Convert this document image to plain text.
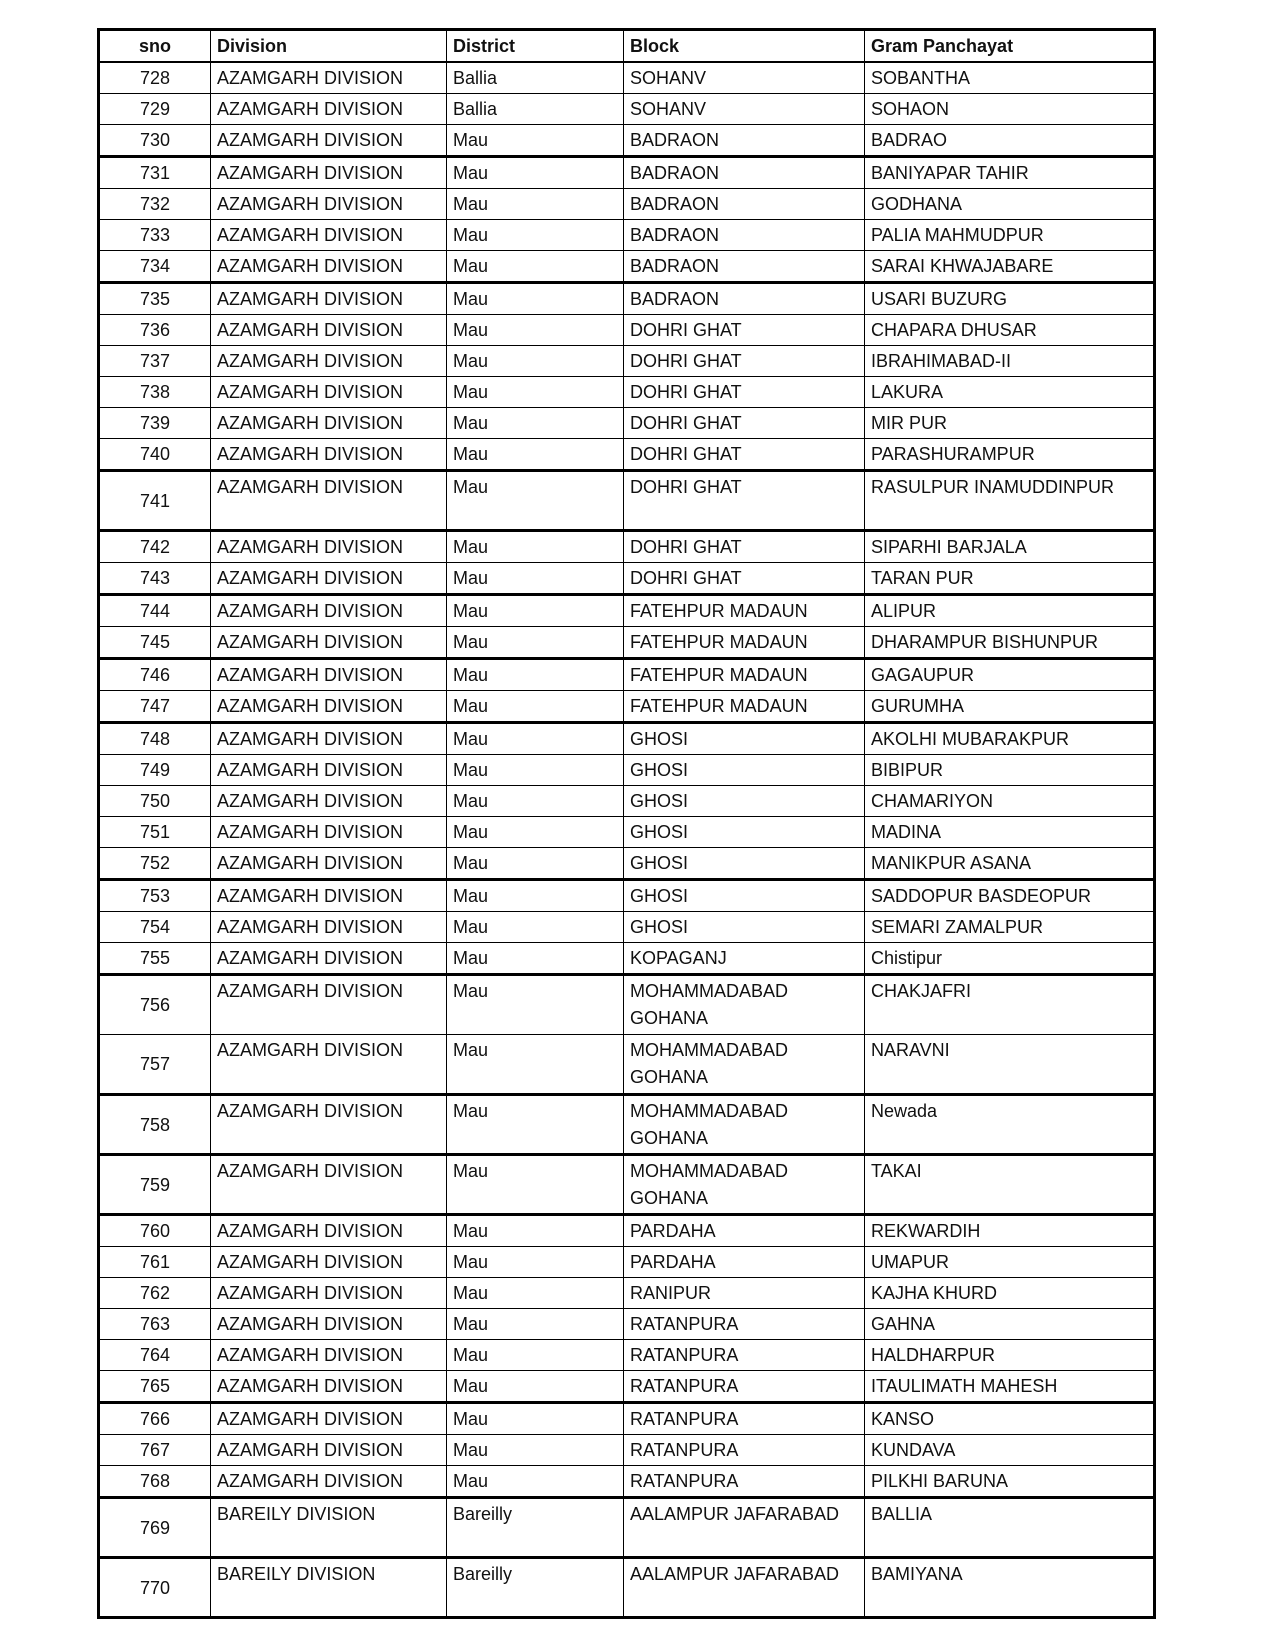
sno	Division	District	Block	Gram Panchayat
728	AZAMGARH DIVISION	Ballia	SOHANV	SOBANTHA
729	AZAMGARH DIVISION	Ballia	SOHANV	SOHAON
730	AZAMGARH DIVISION	Mau	BADRAON	BADRAO
731	AZAMGARH DIVISION	Mau	BADRAON	BANIYAPAR TAHIR
732	AZAMGARH DIVISION	Mau	BADRAON	GODHANA
733	AZAMGARH DIVISION	Mau	BADRAON	PALIA MAHMUDPUR
734	AZAMGARH DIVISION	Mau	BADRAON	SARAI KHWAJABARE
735	AZAMGARH DIVISION	Mau	BADRAON	USARI BUZURG
736	AZAMGARH DIVISION	Mau	DOHRI GHAT	CHAPARA DHUSAR
737	AZAMGARH DIVISION	Mau	DOHRI GHAT	IBRAHIMABAD-II
738	AZAMGARH DIVISION	Mau	DOHRI GHAT	LAKURA
739	AZAMGARH DIVISION	Mau	DOHRI GHAT	MIR PUR
740	AZAMGARH DIVISION	Mau	DOHRI GHAT	PARASHURAMPUR
741	AZAMGARH DIVISION	Mau	DOHRI GHAT	RASULPUR INAMUDDINPUR
742	AZAMGARH DIVISION	Mau	DOHRI GHAT	SIPARHI BARJALA
743	AZAMGARH DIVISION	Mau	DOHRI GHAT	TARAN PUR
744	AZAMGARH DIVISION	Mau	FATEHPUR MADAUN	ALIPUR
745	AZAMGARH DIVISION	Mau	FATEHPUR MADAUN	DHARAMPUR BISHUNPUR
746	AZAMGARH DIVISION	Mau	FATEHPUR MADAUN	GAGAUPUR
747	AZAMGARH DIVISION	Mau	FATEHPUR MADAUN	GURUMHA
748	AZAMGARH DIVISION	Mau	GHOSI	AKOLHI MUBARAKPUR
749	AZAMGARH DIVISION	Mau	GHOSI	BIBIPUR
750	AZAMGARH DIVISION	Mau	GHOSI	CHAMARIYON
751	AZAMGARH DIVISION	Mau	GHOSI	MADINA
752	AZAMGARH DIVISION	Mau	GHOSI	MANIKPUR ASANA
753	AZAMGARH DIVISION	Mau	GHOSI	SADDOPUR BASDEOPUR
754	AZAMGARH DIVISION	Mau	GHOSI	SEMARI ZAMALPUR
755	AZAMGARH DIVISION	Mau	KOPAGANJ	Chistipur
756	AZAMGARH DIVISION	Mau	MOHAMMADABAD GOHANA	CHAKJAFRI
757	AZAMGARH DIVISION	Mau	MOHAMMADABAD GOHANA	NARAVNI
758	AZAMGARH DIVISION	Mau	MOHAMMADABAD GOHANA	Newada
759	AZAMGARH DIVISION	Mau	MOHAMMADABAD GOHANA	TAKAI
760	AZAMGARH DIVISION	Mau	PARDAHA	REKWARDIH
761	AZAMGARH DIVISION	Mau	PARDAHA	UMAPUR
762	AZAMGARH DIVISION	Mau	RANIPUR	KAJHA KHURD
763	AZAMGARH DIVISION	Mau	RATANPURA	GAHNA
764	AZAMGARH DIVISION	Mau	RATANPURA	HALDHARPUR
765	AZAMGARH DIVISION	Mau	RATANPURA	ITAULIMATH MAHESH
766	AZAMGARH DIVISION	Mau	RATANPURA	KANSO
767	AZAMGARH DIVISION	Mau	RATANPURA	KUNDAVA
768	AZAMGARH DIVISION	Mau	RATANPURA	PILKHI BARUNA
769	BAREILY DIVISION	Bareilly	AALAMPUR JAFARABAD	BALLIA
770	BAREILY DIVISION	Bareilly	AALAMPUR JAFARABAD	BAMIYANA
